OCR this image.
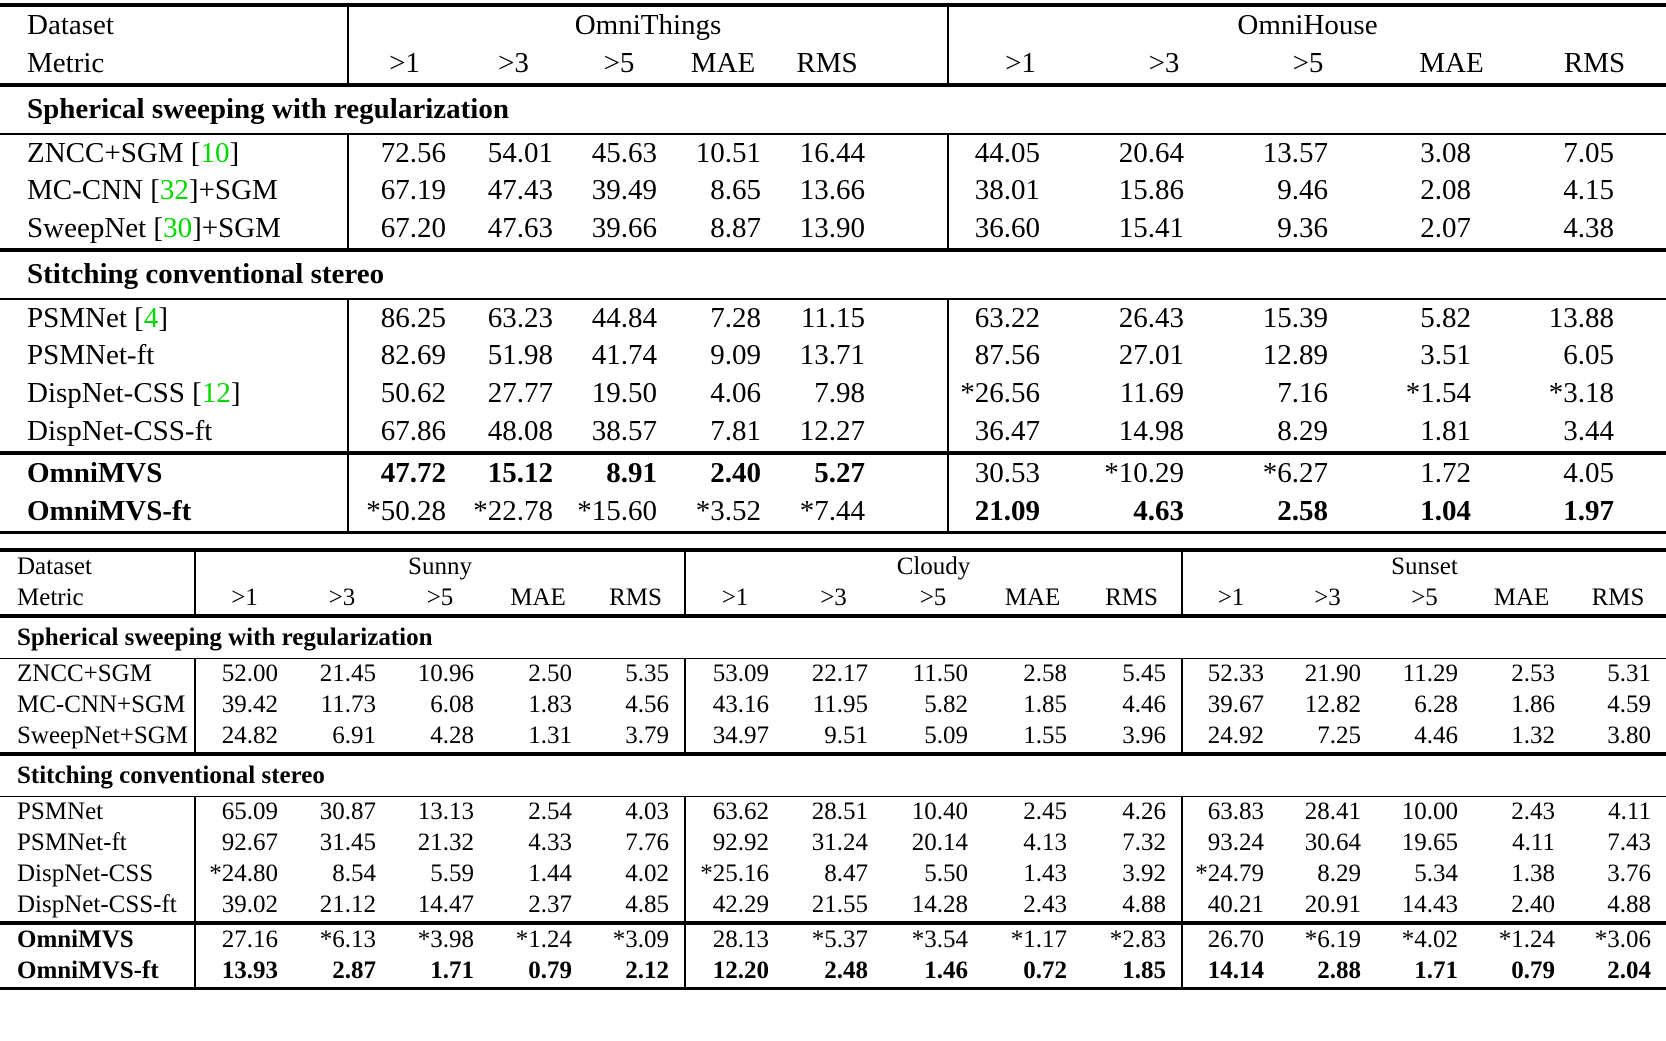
Dataset	OmniThings						OmniHouse				
Metric	>1	>3	>5	MAE	RMS		>1	>3	>5	MAE	RMS

Spherical sweeping with regularization											
ZNCC+SGM [10]	72.56	54.01	45.63	10.51	16.44		44.05	20.64	13.57	3.08	7.05
MC-CNN [32]+SGM	67.19	47.43	39.49	8.65	13.66		38.01	15.86	9.46	2.08	4.15
SweepNet [30]+SGM	67.20	47.63	39.66	8.87	13.90		36.60	15.41	9.36	2.07	4.38

Stitching conventional stereo											
PSMNet [4]	86.25	63.23	44.84	7.28	11.15		63.22	26.43	15.39	5.82	13.88
PSMNet-ft	82.69	51.98	41.74	9.09	13.71		87.56	27.01	12.89	3.51	6.05
DispNet-CSS [12]	50.62	27.77	19.50	4.06	7.98		*26.56	11.69	7.16	*1.54	*3.18
DispNet-CSS-ft	67.86	48.08	38.57	7.81	12.27		36.47	14.98	8.29	1.81	3.44

OmniMVS	47.72	15.12	8.91	2.40	5.27		30.53	*10.29	*6.27	1.72	4.05
OmniMVS-ft	*50.28	*22.78	*15.60	*3.52	*7.44		21.09	4.63	2.58	1.04	1.97

Dataset	Sunny					Cloudy					Sunset				
Metric	>1	>3	>5	MAE	RMS	>1	>3	>5	MAE	RMS	>1	>3	>5	MAE	RMS

Spherical sweeping with regularization															
ZNCC+SGM	52.00	21.45	10.96	2.50	5.35	53.09	22.17	11.50	2.58	5.45	52.33	21.90	11.29	2.53	5.31
MC-CNN+SGM	39.42	11.73	6.08	1.83	4.56	43.16	11.95	5.82	1.85	4.46	39.67	12.82	6.28	1.86	4.59
SweepNet+SGM	24.82	6.91	4.28	1.31	3.79	34.97	9.51	5.09	1.55	3.96	24.92	7.25	4.46	1.32	3.80

Stitching conventional stereo															
PSMNet	65.09	30.87	13.13	2.54	4.03	63.62	28.51	10.40	2.45	4.26	63.83	28.41	10.00	2.43	4.11
PSMNet-ft	92.67	31.45	21.32	4.33	7.76	92.92	31.24	20.14	4.13	7.32	93.24	30.64	19.65	4.11	7.43
DispNet-CSS	*24.80	8.54	5.59	1.44	4.02	*25.16	8.47	5.50	1.43	3.92	*24.79	8.29	5.34	1.38	3.76
DispNet-CSS-ft	39.02	21.12	14.47	2.37	4.85	42.29	21.55	14.28	2.43	4.88	40.21	20.91	14.43	2.40	4.88

OmniMVS	27.16	*6.13	*3.98	*1.24	*3.09	28.13	*5.37	*3.54	*1.17	*2.83	26.70	*6.19	*4.02	*1.24	*3.06
OmniMVS-ft	13.93	2.87	1.71	0.79	2.12	12.20	2.48	1.46	0.72	1.85	14.14	2.88	1.71	0.79	2.04
